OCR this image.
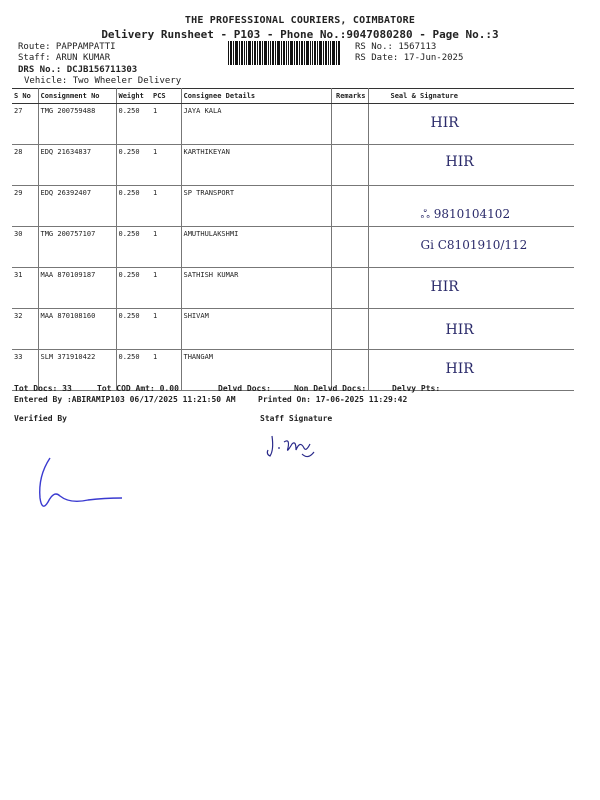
THE PROFESSIONAL COURIERS, COIMBATORE
Delivery Runsheet - P103 - Phone No.:9047080280 - Page No.:3
Route: PAPPAMPATTI
Staff: ARUN KUMAR
DRS No.: DCJB156711303
Vehicle: Two Wheeler Delivery
RS No.: 1567113
RS Date: 17-Jun-2025
S No	Consignment No	Weight	PCS	Consignee Details	Remarks	Seal & Signature
27	TMG 200759488	0.250	1	JAYA KALA		HIR

28	EDQ 21634837	0.250	1	KARTHIKEYAN		HIR

29	EDQ 26392407	0.250	1	SP TRANSPORT		ஃ 9810104102

30	TMG 200757107	0.250	1	AMUTHULAKSHMI		Gi C8101910/112

31	MAA 870109187	0.250	1	SATHISH KUMAR		HIR

32	MAA 870108160	0.250	1	SHIVAM		HIR

33	SLM 371910422	0.250	1	THANGAM		HIR
Tot Docs: 33	Tot COD Amt: 0.00	Delvd Docs:	Non Delvd Docs:	Delvy Pts:
Entered By :ABIRAMIP103 06/17/2025 11:21:50 AM	Printed On: 17-06-2025 11:29:42
Verified By	Staff Signature
